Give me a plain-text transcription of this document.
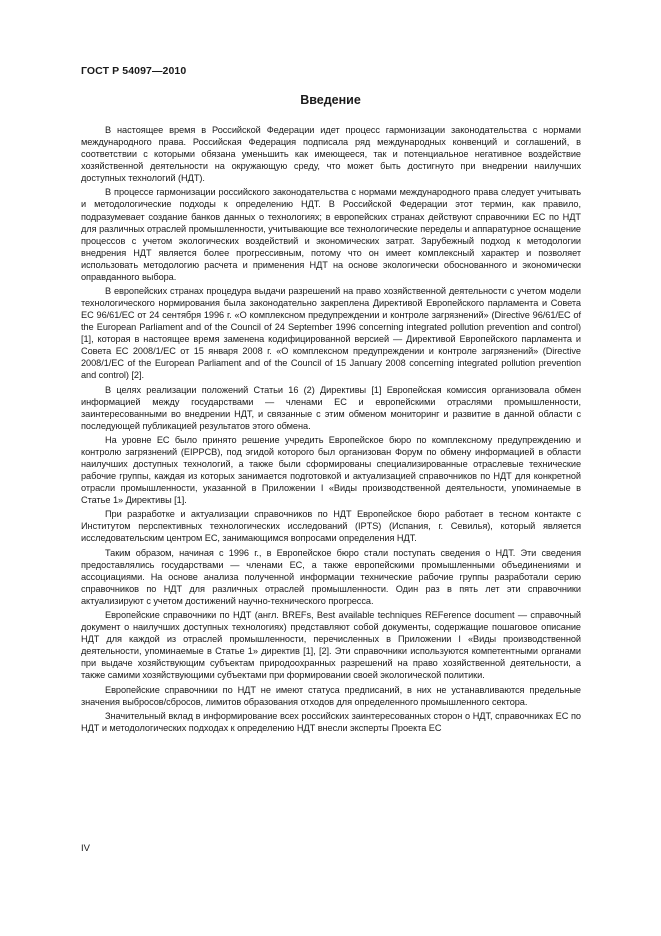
ГОСТ Р 54097—2010
Введение

В настоящее время в Российской Федерации идет процесс гармонизации законодательства с нормами международного права. Российская Федерация подписала ряд международных конвенций и соглашений, в соответствии с которыми обязана уменьшить как имеющееся, так и потенциальное негативное воздействие хозяйственной деятельности на окружающую среду, что может быть достигнуто при внедрении наилучших доступных технологий (НДТ).

В процессе гармонизации российского законодательства с нормами международного права следует учитывать и методологические подходы к определению НДТ. В Российской Федерации этот термин, как правило, подразумевает создание банков данных о технологиях; в европейских странах действуют справочники ЕС по НДТ для различных отраслей промышленности, учитывающие все технологические переделы и аппаратурное оснащение процессов с учетом экологических воздействий и экономических затрат. Зарубежный подход к методологии внедрения НДТ является более прогрессивным, потому что он имеет комплексный характер и позволяет использовать методологию расчета и применения НДТ на основе экологически обоснованного и экономически оправданного выбора.

В европейских странах процедура выдачи разрешений на право хозяйственной деятельности с учетом модели технологического нормирования была законодательно закреплена Директивой Европейского парламента и Совета ЕС 96/61/ЕС от 24 сентября 1996 г. «О комплексном предупреждении и контроле загрязнений» (Directive 96/61/EC of the European Parliament and of the Council of 24 September 1996 concerning integrated pollution prevention and control) [1], которая в настоящее время заменена кодифицированной версией — Директивой Европейского парламента и Совета ЕС 2008/1/ЕС от 15 января 2008 г. «О комплексном предупреждении и контроле загрязнений» (Directive 2008/1/EC of the European Parliament and of the Council of 15 January 2008 concerning integrated pollution prevention and control) [2].

В целях реализации положений Статьи 16 (2) Директивы [1] Европейская комиссия организовала обмен информацией между государствами — членами ЕС и европейскими отраслями промышленности, заинтересованными во внедрении НДТ, и связанные с этим обменом мониторинг и развитие в данной области с последующей публикацией результатов этого обмена.

На уровне ЕС было принято решение учредить Европейское бюро по комплексному предупреждению и контролю загрязнений (EIPPCB), под эгидой которого был организован Форум по обмену информацией в области наилучших доступных технологий, а также были сформированы специализированные отраслевые технические рабочие группы, каждая из которых занимается подготовкой и актуализацией справочников по НДТ для конкретной отрасли промышленности, указанной в Приложении I «Виды производственной деятельности, упоминаемые в Статье 1» Директивы [1].

При разработке и актуализации справочников по НДТ Европейское бюро работает в тесном контакте с Институтом перспективных технологических исследований (IPTS) (Испания, г. Севилья), который является исследовательским центром ЕС, занимающимся вопросами определения НДТ.

Таким образом, начиная с 1996 г., в Европейское бюро стали поступать сведения о НДТ. Эти сведения предоставлялись государствами — членами ЕС, а также европейскими промышленными объединениями и ассоциациями. На основе анализа полученной информации технические рабочие группы разработали серию справочников по НДТ для различных отраслей промышленности. Один раз в пять лет эти справочники актуализируют с учетом достижений научно-технического прогресса.

Европейские справочники по НДТ (англ. BREFs, Best available techniques REFerence document — справочный документ о наилучших доступных технологиях) представляют собой документы, содержащие пошаговое описание НДТ для каждой из отраслей промышленности, перечисленных в Приложении I «Виды производственной деятельности, упоминаемые в Статье 1» директив [1], [2]. Эти справочники используются компетентными органами при выдаче хозяйствующим субъектам природоохранных разрешений на право хозяйственной деятельности, а также самими хозяйствующими субъектами при формировании своей экологической политики.

Европейские справочники по НДТ не имеют статуса предписаний, в них не устанавливаются предельные значения выбросов/сбросов, лимитов образования отходов для определенного промышленного сектора.

Значительный вклад в информирование всех российских заинтересованных сторон о НДТ, справочниках ЕС по НДТ и методологических подходах к определению НДТ внесли эксперты Проекта ЕС

IV
